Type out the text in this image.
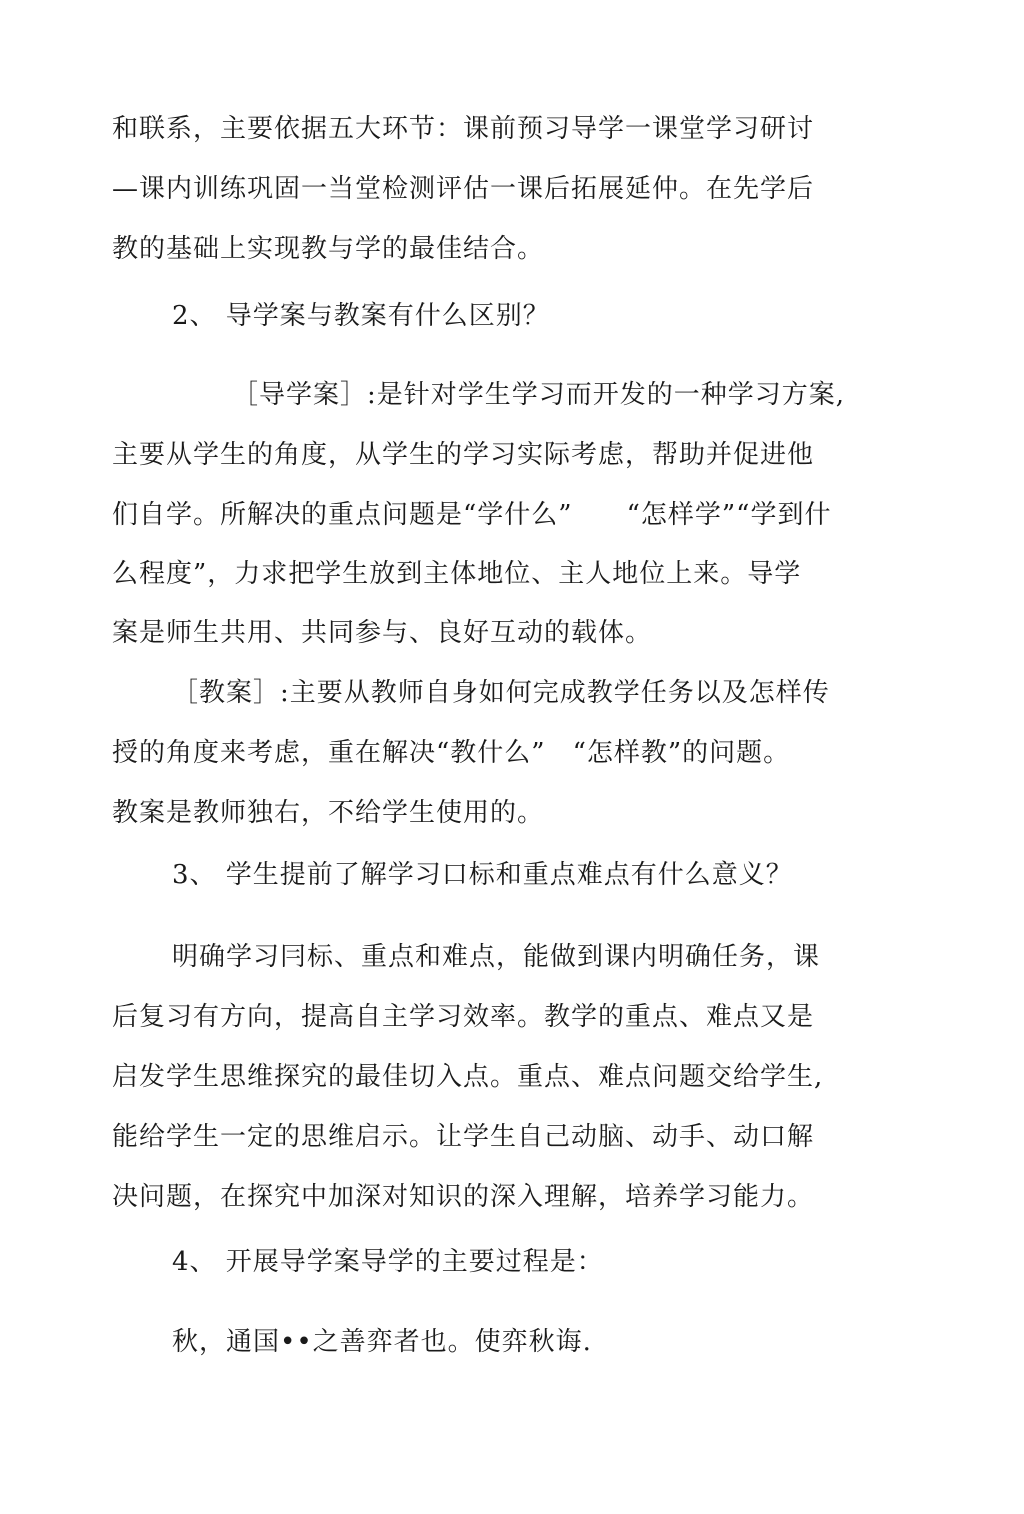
和联系，主要依据五大环节：课前预习导学一课堂学习研讨
—课内训练巩固一当堂检测评估一课后拓展延仲。在先学后
教的基础上实现教与学的最佳结合。
2、 导学案与教案有什么区别？
［导学案］:是针对学生学习而开发的一种学习方案,
主要从学生的角度，从学生的学习实际考虑，帮助并促进他
们自学。所解决的重点问题是“学什么”　　“怎样学”“学到什
么程度”，力求把学生放到主体地位、主人地位上来。导学
案是师生共用、共同参与、良好互动的载体。
［教案］:主要从教师自身如何完成教学任务以及怎样传
授的角度来考虑，重在解决“教什么”　“怎样教”的问题。
教案是教师独右，不给学生使用的。
3、 学生提前了解学习口标和重点难点有什么意义？
明确学习冃标、重点和难点，能做到课内明确任务，课
后复习有方向，提高自主学习效率。教学的重点、难点又是
启发学生思维探究的最佳切入点。重点、难点问题交给学生,
能给学生一定的思维启示。让学生自己动脑、动手、动口解
决问题，在探究中加深对知识的深入理解，培养学习能力。
4、 开展导学案导学的主要过程是：
秋，通国••之善弈者也。使弈秋诲.
